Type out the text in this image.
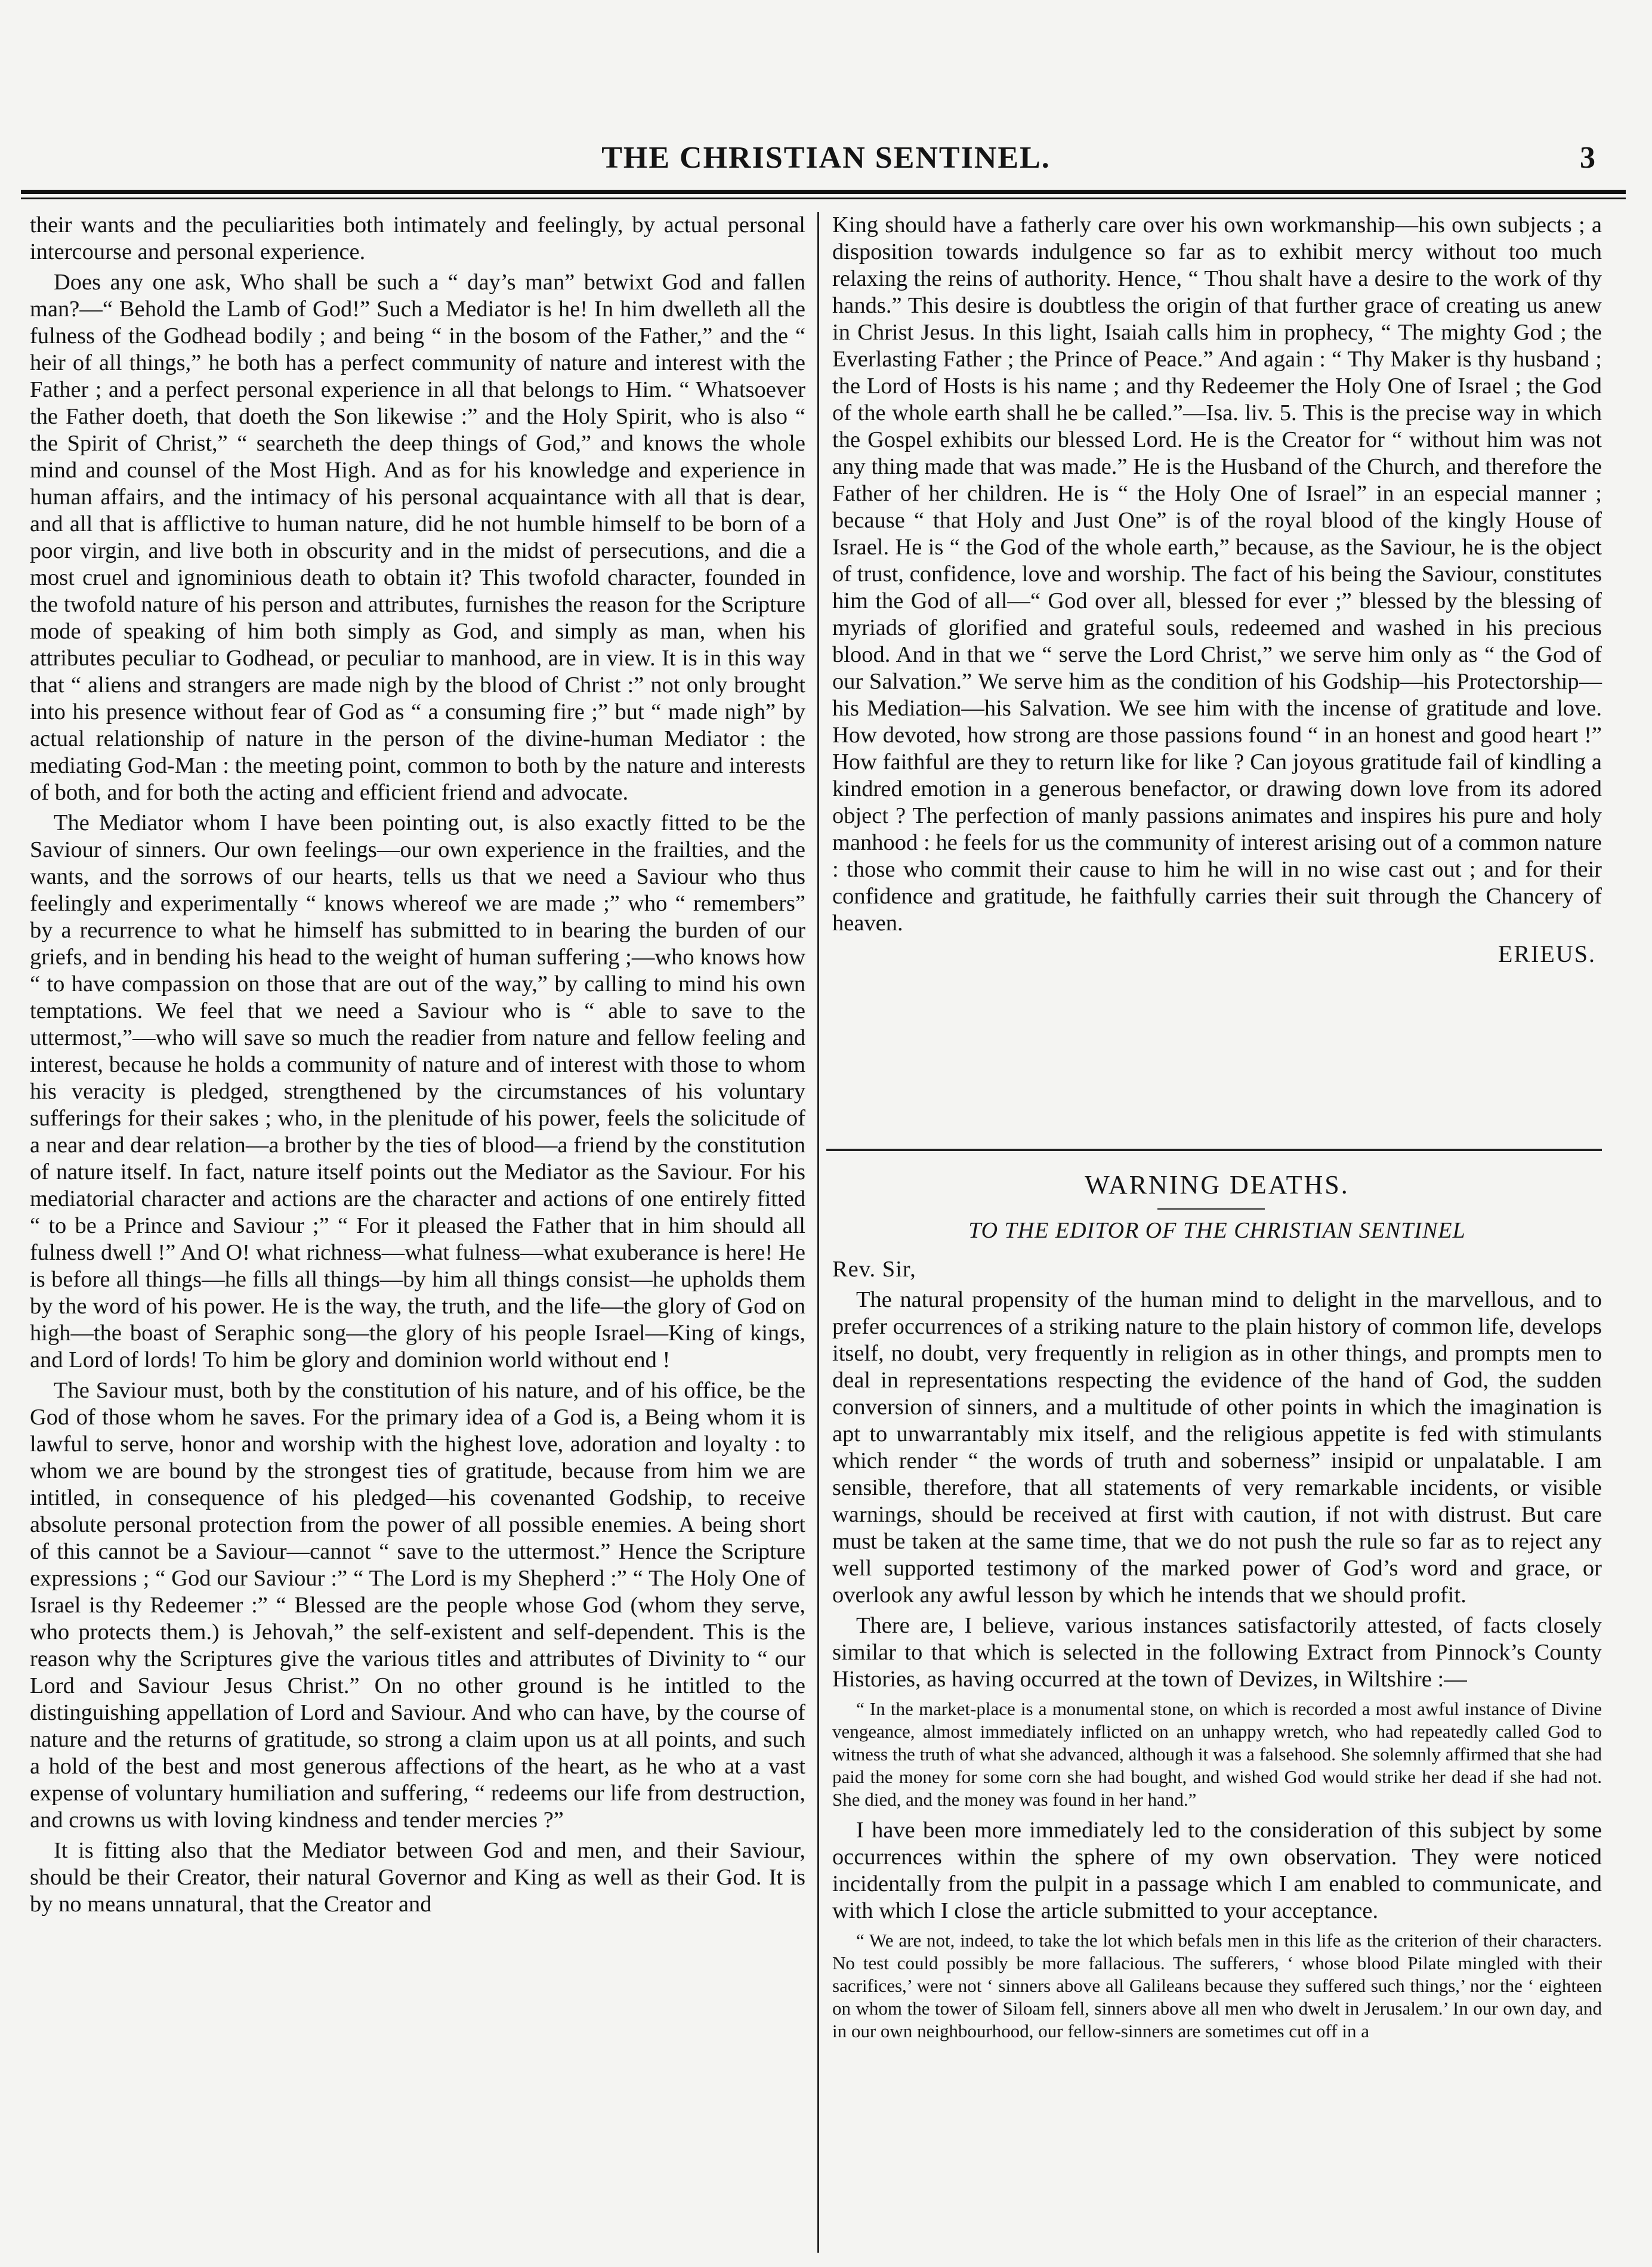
THE CHRISTIAN SENTINEL.	3

their wants and the peculiarities both intimately and feelingly, by actual personal intercourse and personal experience.

Does any one ask, Who shall be such a “ day’s man” betwixt God and fallen man?—“ Behold the Lamb of God!” Such a Mediator is he! In him dwelleth all the fulness of the Godhead bodily ; and being “ in the bosom of the Father,” and the “ heir of all things,” he both has a perfect community of nature and interest with the Father ; and a perfect personal experience in all that belongs to Him. “ Whatsoever the Father doeth, that doeth the Son likewise :” and the Holy Spirit, who is also “ the Spirit of Christ,” “ searcheth the deep things of God,” and knows the whole mind and counsel of the Most High. And as for his knowledge and experience in human affairs, and the intimacy of his personal acquaintance with all that is dear, and all that is afflictive to human nature, did he not humble himself to be born of a poor virgin, and live both in obscurity and in the midst of persecutions, and die a most cruel and ignominious death to obtain it? This twofold character, founded in the twofold nature of his person and attributes, furnishes the reason for the Scripture mode of speaking of him both simply as God, and simply as man, when his attributes peculiar to Godhead, or peculiar to manhood, are in view. It is in this way that “ aliens and strangers are made nigh by the blood of Christ :” not only brought into his presence without fear of God as “ a consuming fire ;” but “ made nigh” by actual relationship of nature in the person of the divine-human Mediator : the mediating God-Man : the meeting point, common to both by the nature and interests of both, and for both the acting and efficient friend and advocate.

The Mediator whom I have been pointing out, is also exactly fitted to be the Saviour of sinners. Our own feelings—our own experience in the frailties, and the wants, and the sorrows of our hearts, tells us that we need a Saviour who thus feelingly and experimentally “ knows whereof we are made ;” who “ remembers” by a recurrence to what he himself has submitted to in bearing the burden of our griefs, and in bending his head to the weight of human suffering ;—who knows how “ to have compassion on those that are out of the way,” by calling to mind his own temptations. We feel that we need a Saviour who is “ able to save to the uttermost,”—who will save so much the readier from nature and fellow feeling and interest, because he holds a community of nature and of interest with those to whom his veracity is pledged, strengthened by the circumstances of his voluntary sufferings for their sakes ; who, in the plenitude of his power, feels the solicitude of a near and dear relation—a brother by the ties of blood—a friend by the constitution of nature itself. In fact, nature itself points out the Mediator as the Saviour. For his mediatorial character and actions are the character and actions of one entirely fitted “ to be a Prince and Saviour ;” “ For it pleased the Father that in him should all fulness dwell !” And O! what richness—what fulness—what exuberance is here! He is before all things—he fills all things—by him all things consist—he upholds them by the word of his power. He is the way, the truth, and the life—the glory of God on high—the boast of Seraphic song—the glory of his people Israel—King of kings, and Lord of lords! To him be glory and dominion world without end !

The Saviour must, both by the constitution of his nature, and of his office, be the God of those whom he saves. For the primary idea of a God is, a Being whom it is lawful to serve, honor and worship with the highest love, adoration and loyalty : to whom we are bound by the strongest ties of gratitude, because from him we are intitled, in consequence of his pledged—his covenanted Godship, to receive absolute personal protection from the power of all possible enemies. A being short of this cannot be a Saviour—cannot “ save to the uttermost.” Hence the Scripture expressions ; “ God our Saviour :” “ The Lord is my Shepherd :” “ The Holy One of Israel is thy Redeemer :” “ Blessed are the people whose God (whom they serve, who protects them.) is Jehovah,” the self-existent and self-dependent. This is the reason why the Scriptures give the various titles and attributes of Divinity to “ our Lord and Saviour Jesus Christ.” On no other ground is he intitled to the distinguishing appellation of Lord and Saviour. And who can have, by the course of nature and the returns of gratitude, so strong a claim upon us at all points, and such a hold of the best and most generous affections of the heart, as he who at a vast expense of voluntary humiliation and suffering, “ redeems our life from destruction, and crowns us with loving kindness and tender mercies ?”

It is fitting also that the Mediator between God and men, and their Saviour, should be their Creator, their natural Governor and King as well as their God. It is by no means unnatural, that the Creator and

King should have a fatherly care over his own workmanship—his own subjects ; a disposition towards indulgence so far as to exhibit mercy without too much relaxing the reins of authority. Hence, “ Thou shalt have a desire to the work of thy hands.” This desire is doubtless the origin of that further grace of creating us anew in Christ Jesus. In this light, Isaiah calls him in prophecy, “ The mighty God ; the Everlasting Father ; the Prince of Peace.” And again : “ Thy Maker is thy husband ; the Lord of Hosts is his name ; and thy Redeemer the Holy One of Israel ; the God of the whole earth shall he be called.”—Isa. liv. 5. This is the precise way in which the Gospel exhibits our blessed Lord. He is the Creator for “ without him was not any thing made that was made.” He is the Husband of the Church, and therefore the Father of her children. He is “ the Holy One of Israel” in an especial manner ; because “ that Holy and Just One” is of the royal blood of the kingly House of Israel. He is “ the God of the whole earth,” because, as the Saviour, he is the object of trust, confidence, love and worship. The fact of his being the Saviour, constitutes him the God of all—“ God over all, blessed for ever ;” blessed by the blessing of myriads of glorified and grateful souls, redeemed and washed in his precious blood. And in that we “ serve the Lord Christ,” we serve him only as “ the God of our Salvation.” We serve him as the condition of his Godship—his Protectorship—his Mediation—his Salvation. We see him with the incense of gratitude and love. How devoted, how strong are those passions found “ in an honest and good heart !” How faithful are they to return like for like ? Can joyous gratitude fail of kindling a kindred emotion in a generous benefactor, or drawing down love from its adored object ? The perfection of manly passions animates and inspires his pure and holy manhood : he feels for us the community of interest arising out of a common nature : those who commit their cause to him he will in no wise cast out ; and for their confidence and gratitude, he faithfully carries their suit through the Chancery of heaven.

ERIEUS.
WARNING DEATHS.
TO THE EDITOR OF THE CHRISTIAN SENTINEL

Rev. Sir,

The natural propensity of the human mind to delight in the marvellous, and to prefer occurrences of a striking nature to the plain history of common life, develops itself, no doubt, very frequently in religion as in other things, and prompts men to deal in representations respecting the evidence of the hand of God, the sudden conversion of sinners, and a multitude of other points in which the imagination is apt to unwarrantably mix itself, and the religious appetite is fed with stimulants which render “ the words of truth and soberness” insipid or unpalatable. I am sensible, therefore, that all statements of very remarkable incidents, or visible warnings, should be received at first with caution, if not with distrust. But care must be taken at the same time, that we do not push the rule so far as to reject any well supported testimony of the marked power of God’s word and grace, or overlook any awful lesson by which he intends that we should profit.

There are, I believe, various instances satisfactorily attested, of facts closely similar to that which is selected in the following Extract from Pinnock’s County Histories, as having occurred at the town of Devizes, in Wiltshire :—

“ In the market-place is a monumental stone, on which is recorded a most awful instance of Divine vengeance, almost immediately inflicted on an unhappy wretch, who had repeatedly called God to witness the truth of what she advanced, although it was a falsehood. She solemnly affirmed that she had paid the money for some corn she had bought, and wished God would strike her dead if she had not. She died, and the money was found in her hand.”

I have been more immediately led to the consideration of this subject by some occurrences within the sphere of my own observation. They were noticed incidentally from the pulpit in a passage which I am enabled to communicate, and with which I close the article submitted to your acceptance.

“ We are not, indeed, to take the lot which befals men in this life as the criterion of their characters. No test could possibly be more fallacious. The sufferers, ‘ whose blood Pilate mingled with their sacrifices,’ were not ‘ sinners above all Galileans because they suffered such things,’ nor the ‘ eighteen on whom the tower of Siloam fell, sinners above all men who dwelt in Jerusalem.’ In our own day, and in our own neighbourhood, our fellow-sinners are sometimes cut off in a
